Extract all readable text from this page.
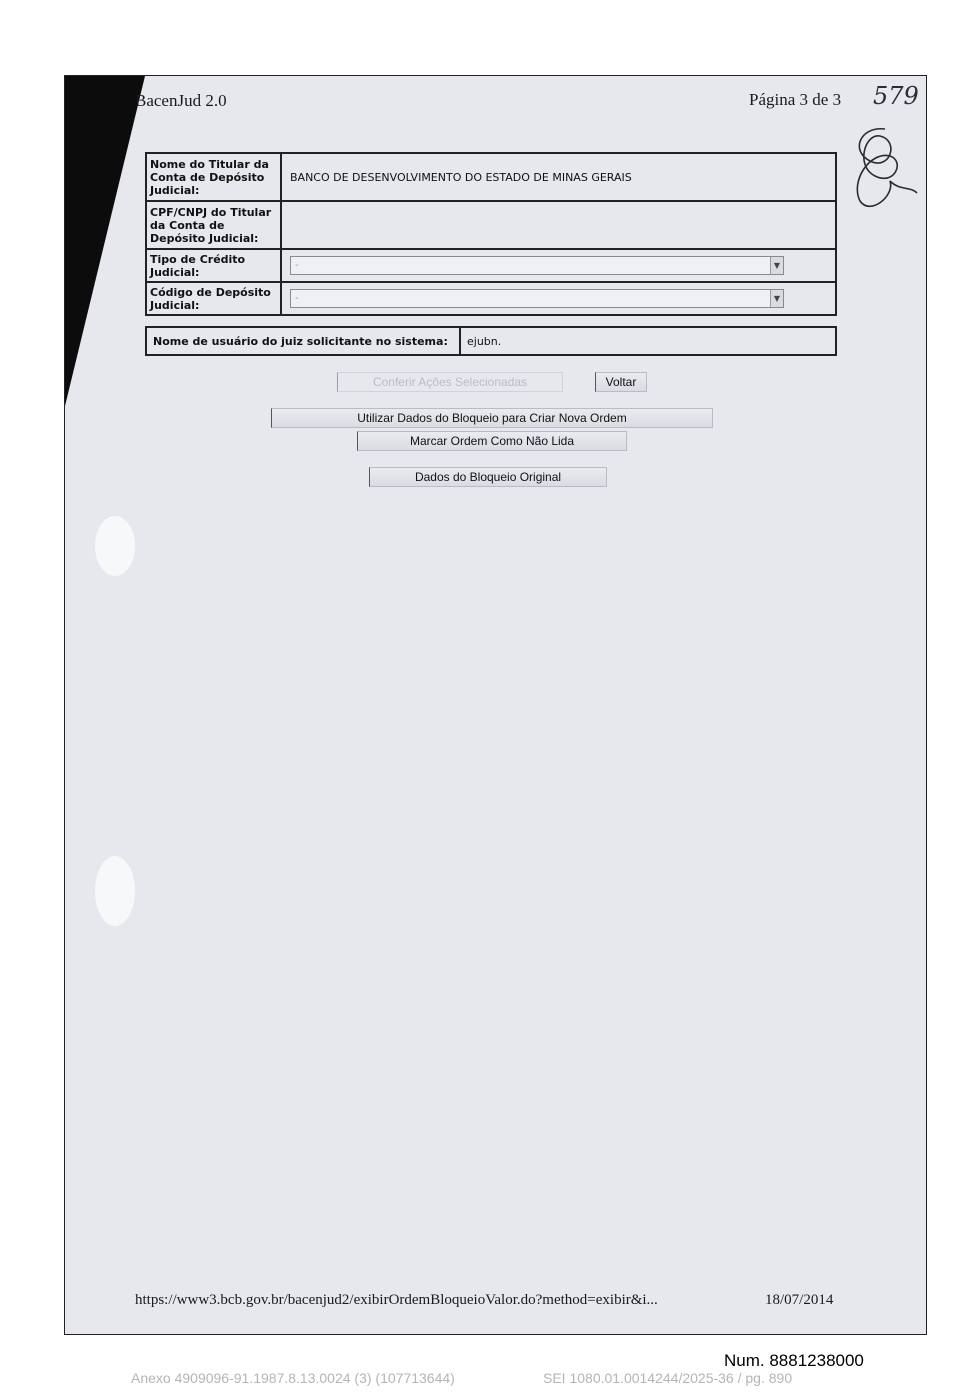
BacenJud 2.0	Página 3 de 3 579
Nome do Titular da Conta de Depósito Judicial:	BANCO DE DESENVOLVIMENTO DO ESTADO DE MINAS GERAIS
CPF/CNPJ do Titular da Conta de Depósito Judicial:	
Tipo de Crédito Judicial:	- ▼

Código de Depósito Judicial:	- ▼
Nome de usuário do juiz solicitante no sistema:	ejubn.
Conferir Ações Selecionadas	Voltar
Utilizar Dados do Bloqueio para Criar Nova Ordem
Marcar Ordem Como Não Lida
Dados do Bloqueio Original
https://www3.bcb.gov.br/bacenjud2/exibirOrdemBloqueioValor.do?method=exibir&i...	18/07/2014
Num. 8881238000
Anexo 4909096-91.1987.8.13.0024 (3) (107713644)	SEI 1080.01.0014244/2025-36 / pg. 890
